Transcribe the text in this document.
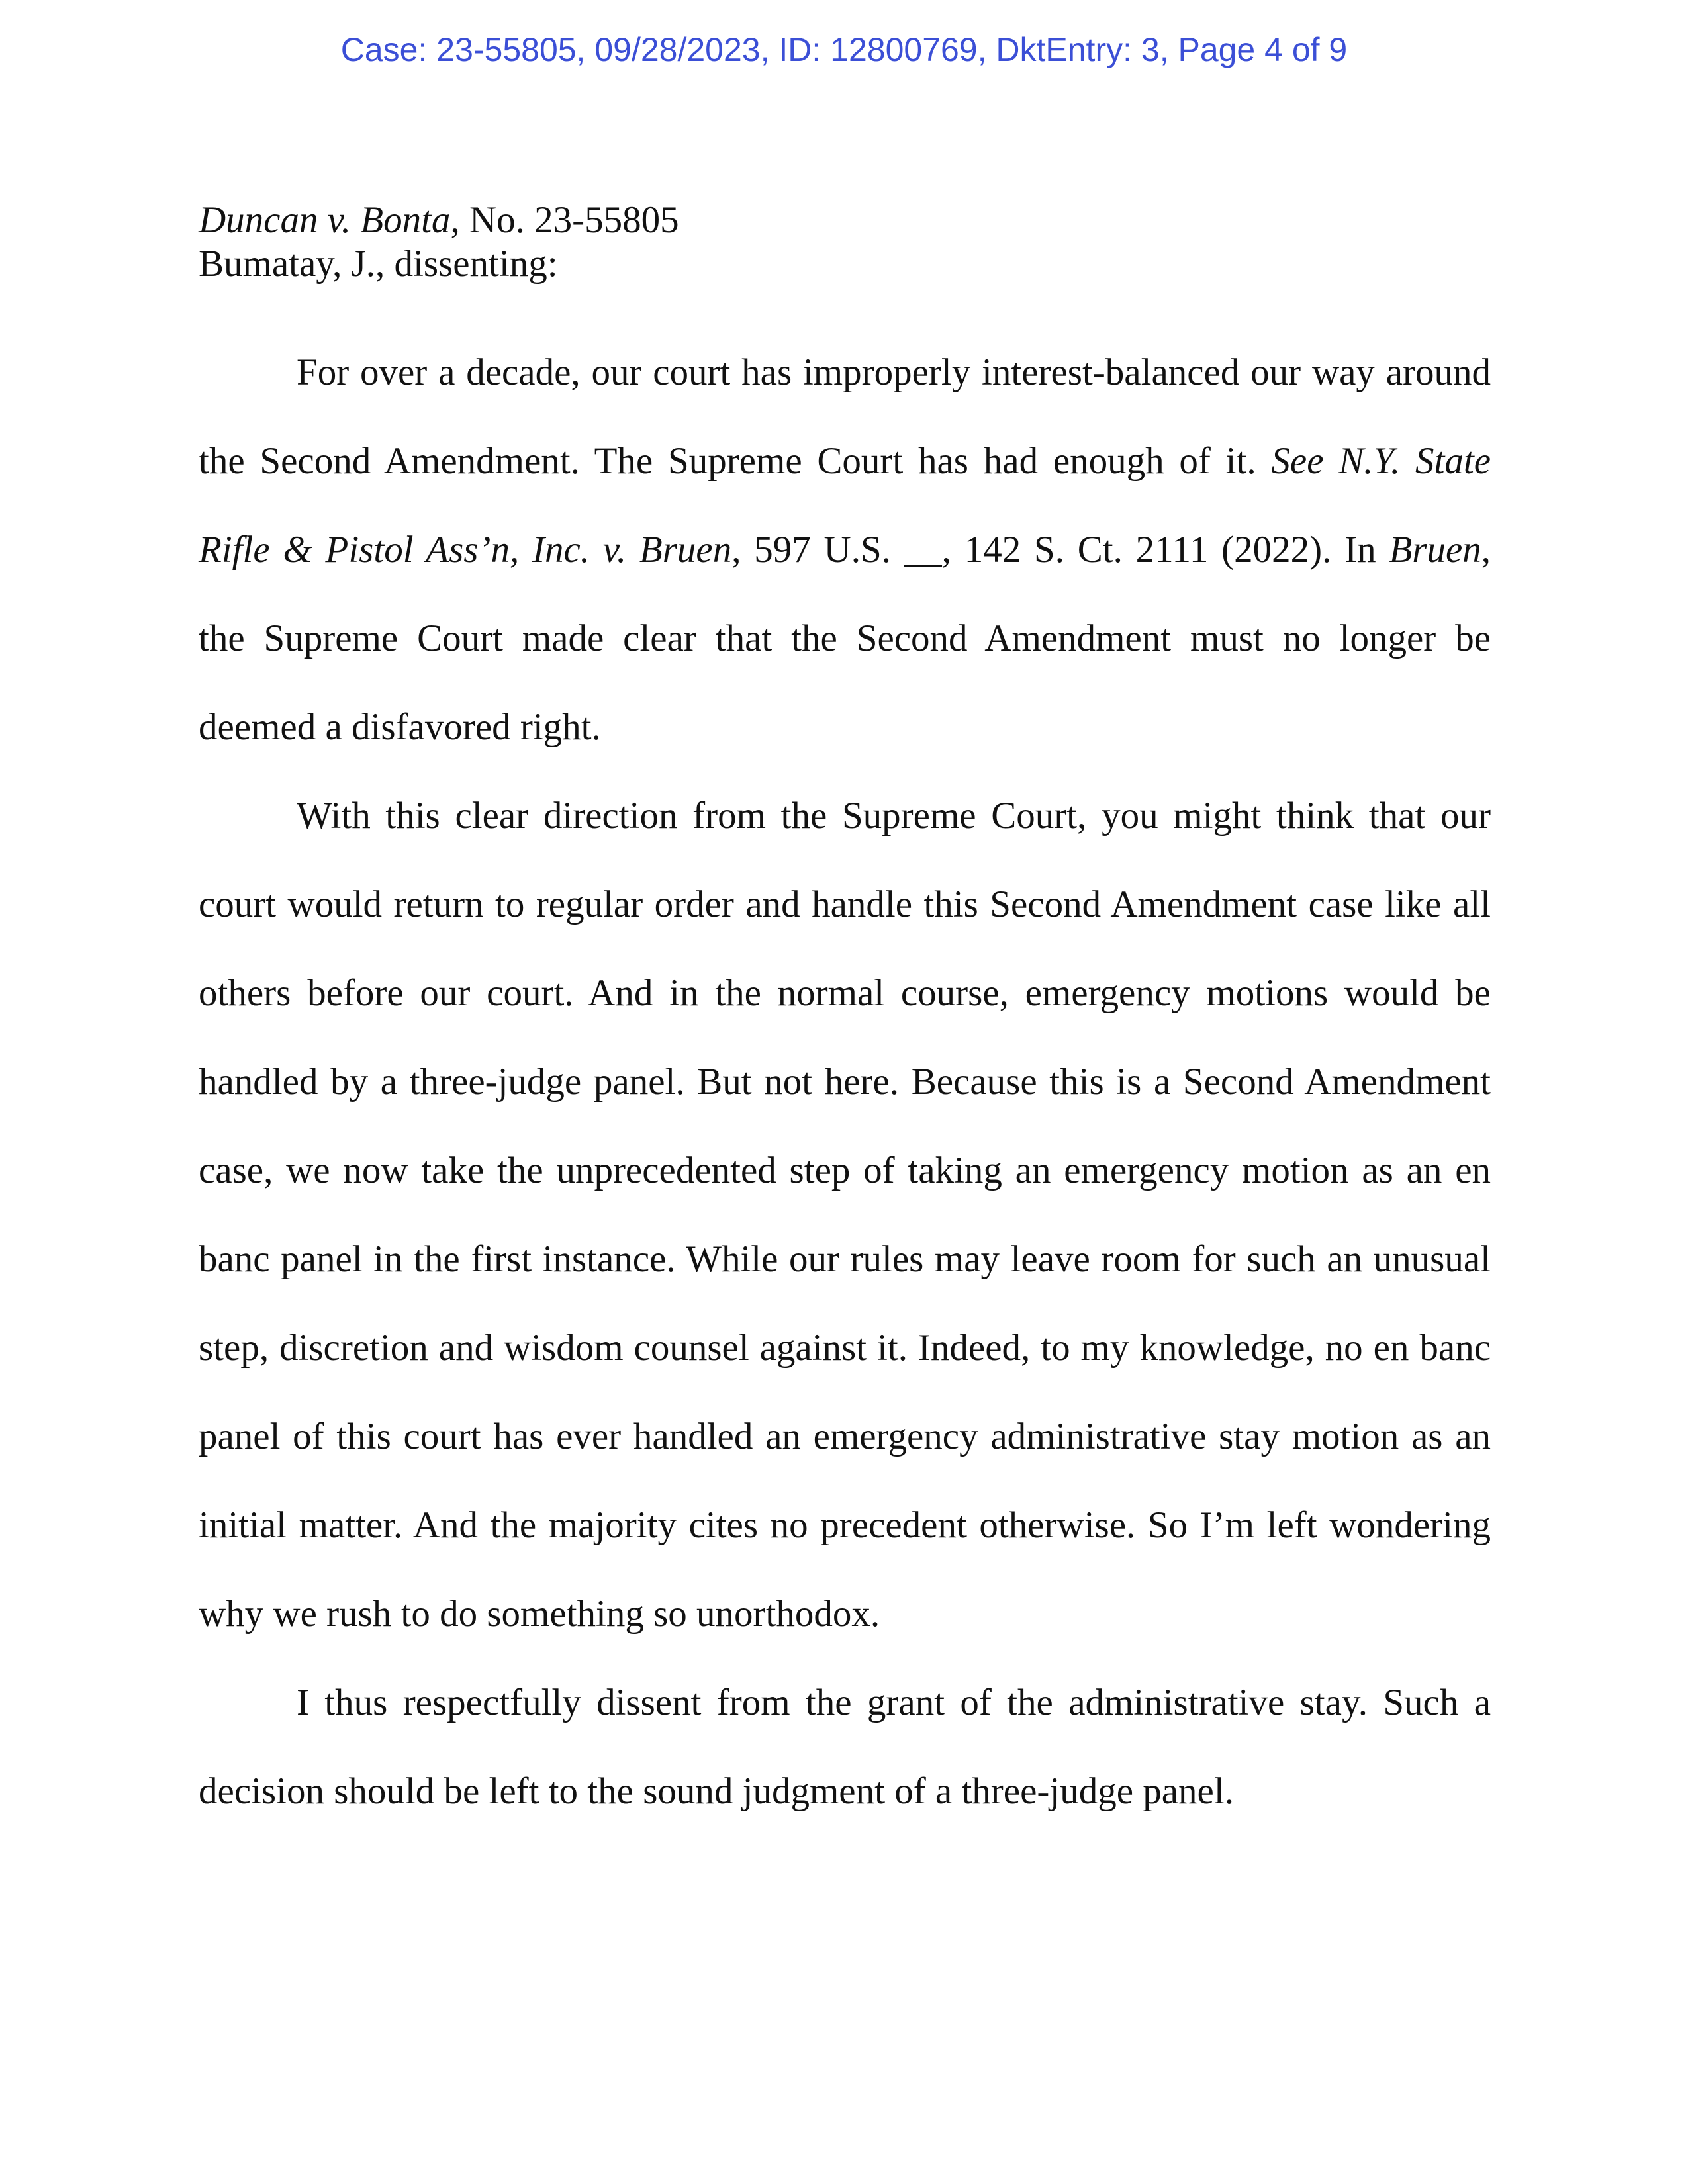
Case: 23-55805, 09/28/2023, ID: 12800769, DktEntry: 3, Page 4 of 9
Duncan v. Bonta, No. 23-55805
Bumatay, J., dissenting:

For over a decade, our court has improperly interest-balanced our way around
the Second Amendment. The Supreme Court has had enough of it. See N.Y. State
Rifle & Pistol Ass’n, Inc. v. Bruen, 597 U.S. __, 142 S. Ct. 2111 (2022). In Bruen,
the Supreme Court made clear that the Second Amendment must no longer be
deemed a disfavored right.

With this clear direction from the Supreme Court, you might think that our
court would return to regular order and handle this Second Amendment case like all
others before our court. And in the normal course, emergency motions would be
handled by a three-judge panel. But not here. Because this is a Second Amendment
case, we now take the unprecedented step of taking an emergency motion as an en
banc panel in the first instance. While our rules may leave room for such an unusual
step, discretion and wisdom counsel against it. Indeed, to my knowledge, no en banc
panel of this court has ever handled an emergency administrative stay motion as an
initial matter. And the majority cites no precedent otherwise. So I’m left wondering
why we rush to do something so unorthodox.

I thus respectfully dissent from the grant of the administrative stay. Such a
decision should be left to the sound judgment of a three-judge panel.
